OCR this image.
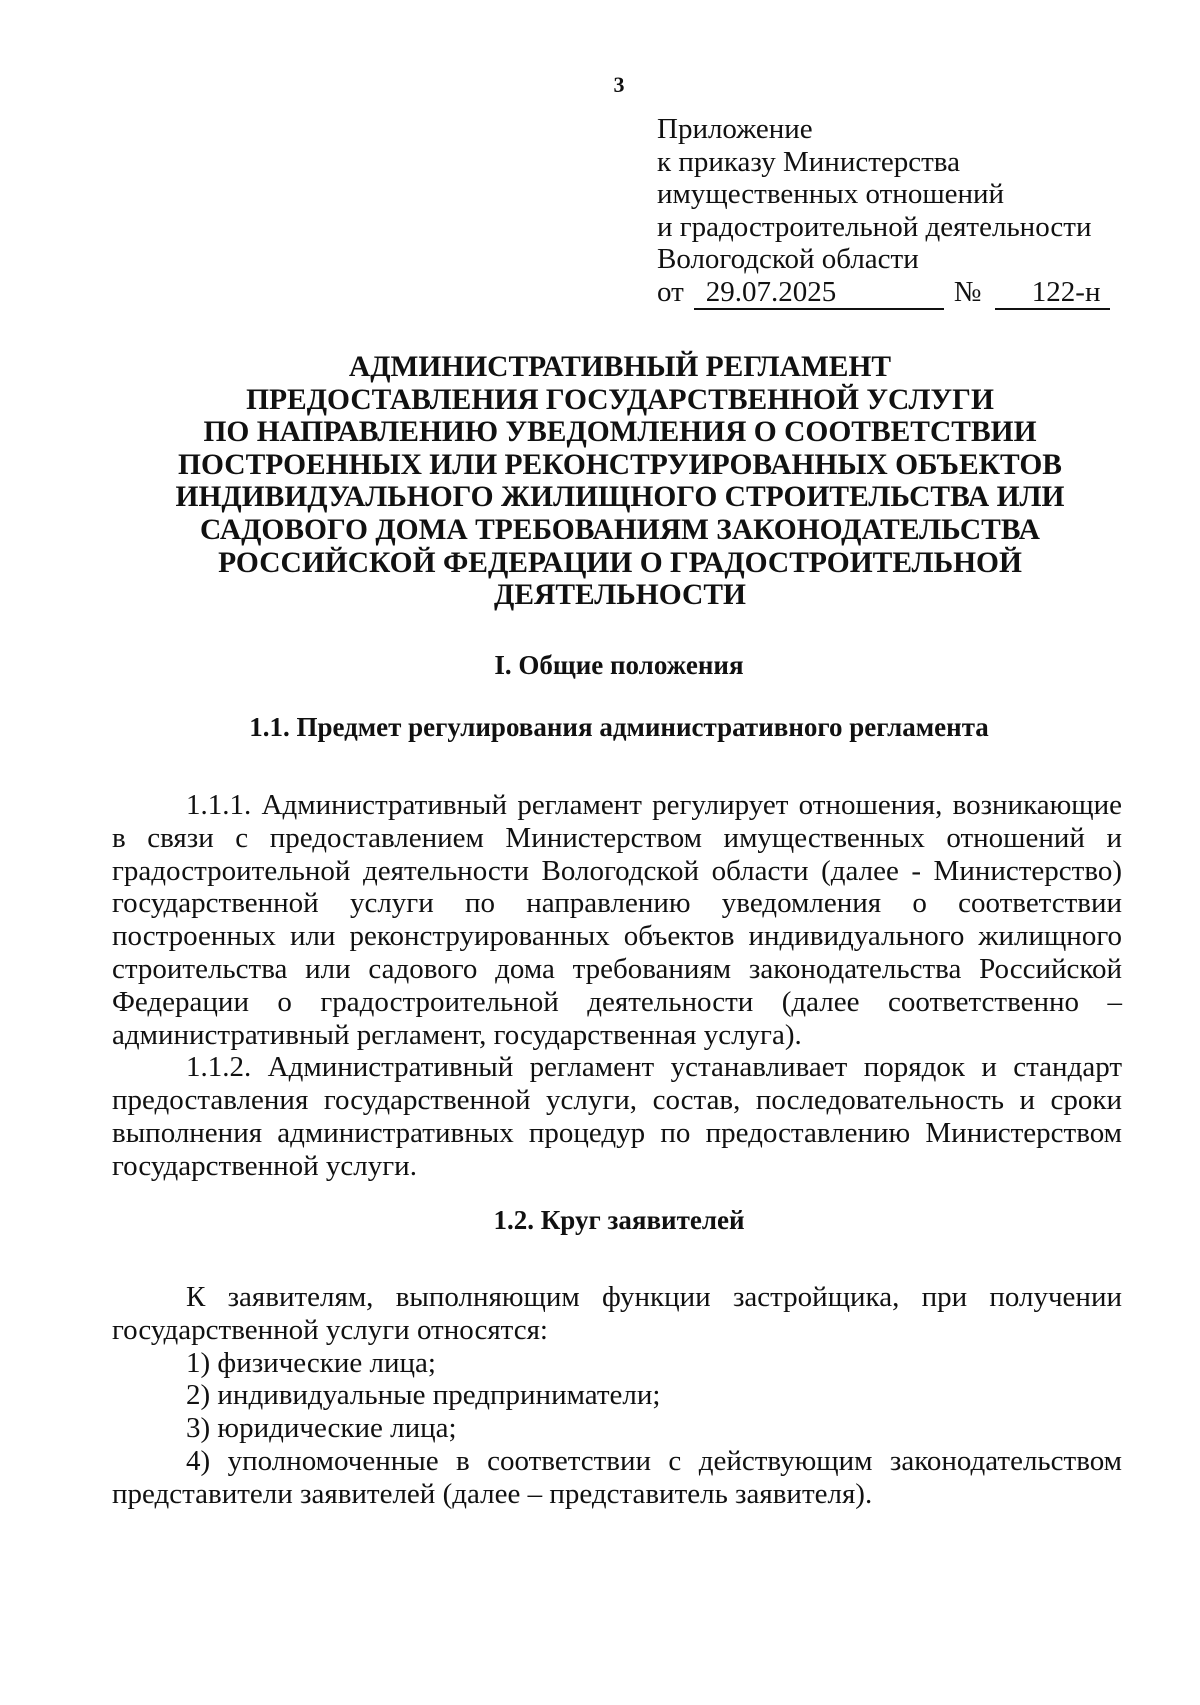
3
Приложение
к приказу Министерства
имущественных отношений
и градостроительной деятельности
Вологодской области
от 29.07.2025	№ 122-н
АДМИНИСТРАТИВНЫЙ РЕГЛАМЕНТ
ПРЕДОСТАВЛЕНИЯ ГОСУДАРСТВЕННОЙ УСЛУГИ
ПО НАПРАВЛЕНИЮ УВЕДОМЛЕНИЯ О СООТВЕТСТВИИ
ПОСТРОЕННЫХ ИЛИ РЕКОНСТРУИРОВАННЫХ ОБЪЕКТОВ
ИНДИВИДУАЛЬНОГО ЖИЛИЩНОГО СТРОИТЕЛЬСТВА ИЛИ
САДОВОГО ДОМА ТРЕБОВАНИЯМ ЗАКОНОДАТЕЛЬСТВА
РОССИЙСКОЙ ФЕДЕРАЦИИ О ГРАДОСТРОИТЕЛЬНОЙ
ДЕЯТЕЛЬНОСТИ
I. Общие положения
1.1. Предмет регулирования административного регламента

1.1.1. Административный регламент регулирует отношения, возникающие в связи с предоставлением Министерством имущественных отношений и градостроительной деятельности Вологодской области (далее - Министерство) государственной услуги по направлению уведомления о соответствии построенных или реконструированных объектов индивидуального жилищного строительства или садового дома требованиям законодательства Российской Федерации о градостроительной деятельности (далее соответственно – административный регламент, государственная услуга).

1.1.2. Административный регламент устанавливает порядок и стандарт предоставления государственной услуги, состав, последовательность и сроки выполнения административных процедур по предоставлению Министерством государственной услуги.

1.2. Круг заявителей

К заявителям, выполняющим функции застройщика, при получении государственной услуги относятся:

1) физические лица;

2) индивидуальные предприниматели;

3) юридические лица;

4) уполномоченные в соответствии с действующим законодательством представители заявителей (далее – представитель заявителя).
